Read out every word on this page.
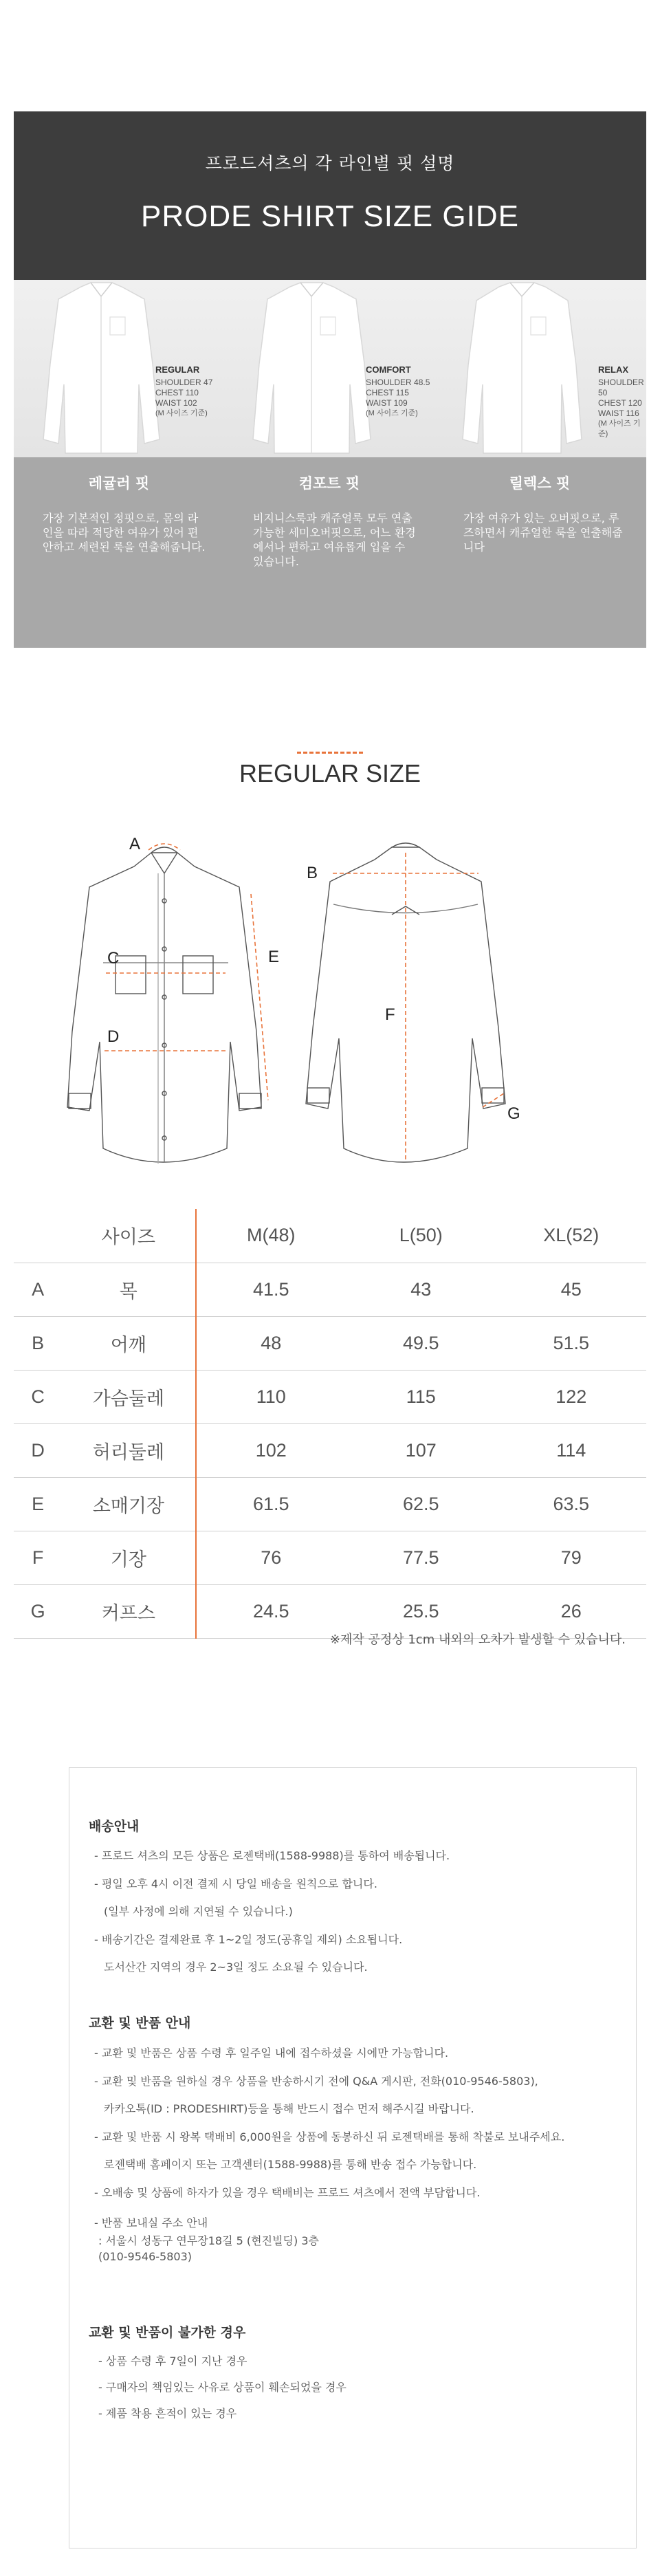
프로드셔츠의 각 라인별 핏 설명
PRODE SHIRT SIZE GIDE
REGULAR
SHOULDER 47
CHEST 110
WAIST 102
(M 사이즈 기준)
COMFORT
SHOULDER 48.5
CHEST 115
WAIST 109
(M 사이즈 기준)
RELAX
SHOULDER 50
CHEST 120
WAIST 116
(M 사이즈 기준)
레귤러 핏
가장 기본적인 정핏으로, 몸의 라인을 따라 적당한 여유가 있어 편안하고 세련된 룩을 연출해줍니다.
컴포트 핏
비지니스룩과 캐쥬얼룩 모두 연출 가능한 세미오버핏으로, 어느 환경에서나 편하고 여유롭게 입을 수 있습니다.
릴렉스 핏
가장 여유가 있는 오버핏으로, 루즈하면서 캐쥬얼한 룩을 연출해줍니다
REGULAR SIZE
A
B
C
D
E
F
G
	사이즈	M(48)	L(50)	XL(52)
A	목	41.5	43	45
B	어깨	48	49.5	51.5
C	가슴둘레	110	115	122
D	허리둘레	102	107	114
E	소매기장	61.5	62.5	63.5
F	기장	76	77.5	79
G	커프스	24.5	25.5	26
※제작 공정상 1cm 내외의 오차가 발생할 수 있습니다.
배송안내
- 프로드 셔츠의 모든 상품은 로젠택배(1588-9988)를 통하여 배송됩니다.
- 평일 오후 4시 이전 결제 시 당일 배송을 원칙으로 합니다.
(일부 사정에 의해 지연될 수 있습니다.)
- 배송기간은 결제완료 후 1~2일 정도(공휴일 제외) 소요됩니다.
도서산간 지역의 경우 2~3일 정도 소요될 수 있습니다.
교환 및 반품 안내
- 교환 및 반품은 상품 수령 후 일주일 내에 접수하셨을 시에만 가능합니다.
- 교환 및 반품을 원하실 경우 상품을 반송하시기 전에 Q&A 게시판, 전화(010-9546-5803),
카카오톡(ID : PRODESHIRT)등을 통해 반드시 접수 먼저 해주시길 바랍니다.
- 교환 및 반품 시 왕복 택배비 6,000원을 상품에 동봉하신 뒤 로젠택배를 통해 착불로 보내주세요.
로젠택배 홈페이지 또는 고객센터(1588-9988)를 통해 반송 접수 가능합니다.
- 오배송 및 상품에 하자가 있을 경우 택배비는 프로드 셔츠에서 전액 부담합니다.
- 반품 보내실 주소 안내
: 서울시 성동구 연무장18길 5 (현진빌딩) 3층
(010-9546-5803)
교환 및 반품이 불가한 경우
- 상품 수령 후 7일이 지난 경우
- 구매자의 책임있는 사유로 상품이 훼손되었을 경우
- 제품 착용 흔적이 있는 경우
